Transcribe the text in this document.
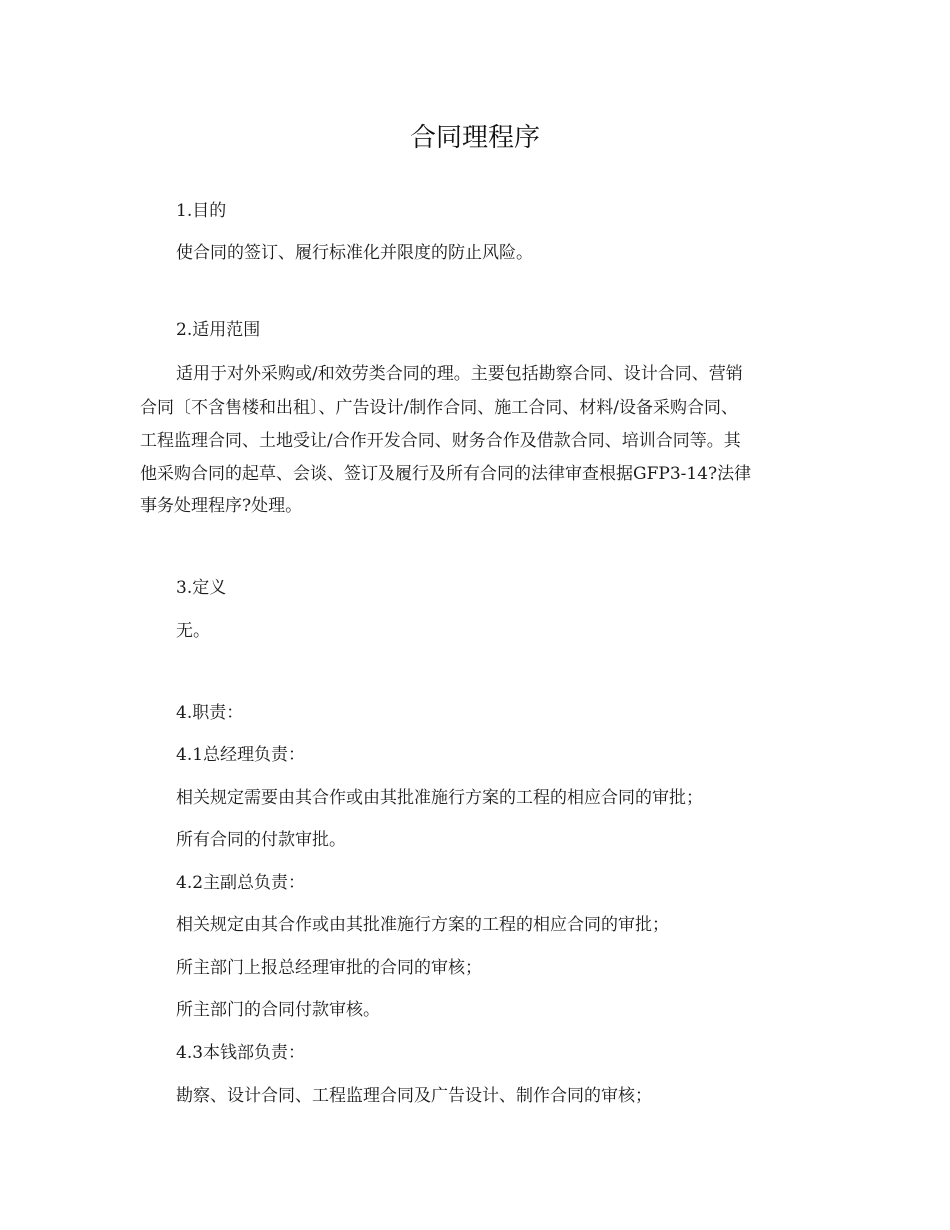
合同理程序

1.目的

使合同的签订、履行标准化并限度的防止风险。

2.适用范围

适用于对外采购或/和效劳类合同的理。主要包括勘察合同、设计合同、营销

合同〔不含售楼和出租〕、广告设计/制作合同、施工合同、材料/设备采购合同、

工程监理合同、土地受让/合作开发合同、财务合作及借款合同、培训合同等。其

他采购合同的起草、会谈、签订及履行及所有合同的法律审查根据GFP3-14?法律

事务处理程序?处理。

3.定义

无。

4.职责：

4.1总经理负责：

相关规定需要由其合作或由其批准施行方案的工程的相应合同的审批；

所有合同的付款审批。

4.2主副总负责：

相关规定由其合作或由其批准施行方案的工程的相应合同的审批；

所主部门上报总经理审批的合同的审核；

所主部门的合同付款审核。

4.3本钱部负责：

勘察、设计合同、工程监理合同及广告设计、制作合同的审核；
